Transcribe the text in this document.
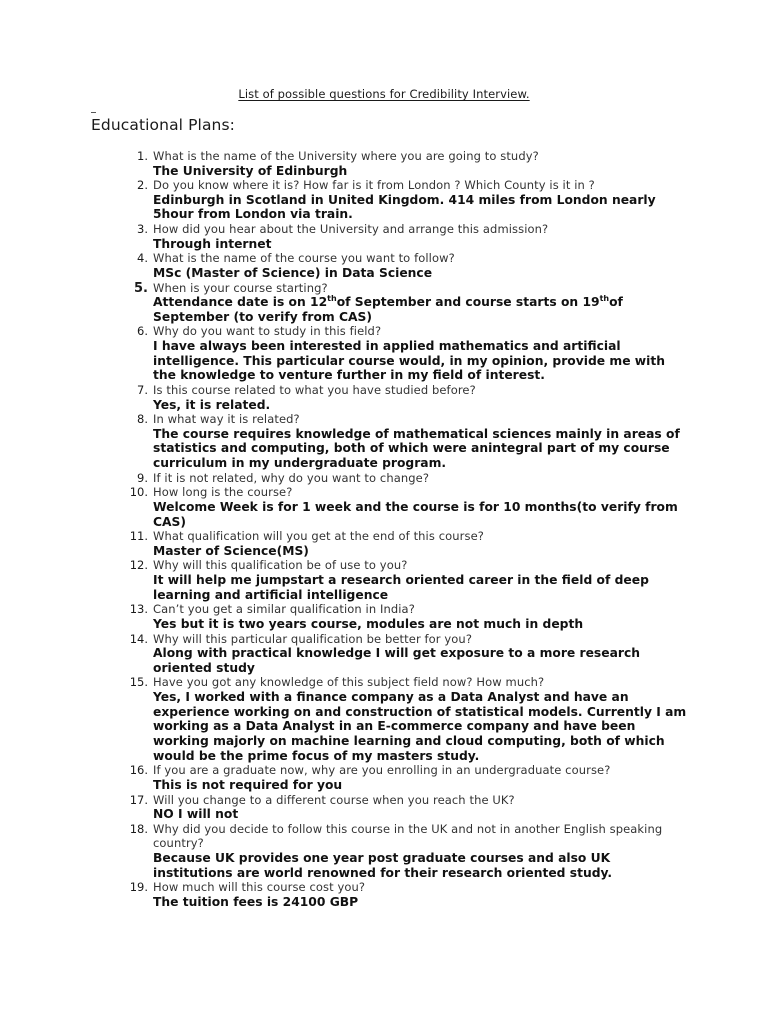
List of possible questions for Credibility Interview.
Educational Plans:
1. What is the name of the University where you are going to study?
The University of Edinburgh
2. Do you know where it is? How far is it from London ? Which County is it in ?
Edinburgh in Scotland in United Kingdom. 414 miles from London nearly 5hour from London via train.
3. How did you hear about the University and arrange this admission?
Through internet
4. What is the name of the course you want to follow?
MSc (Master of Science) in Data Science
5. When is your course starting?
Attendance date is on 12thof September and course starts on 19thof September (to verify from CAS)
6. Why do you want to study in this field?
I have always been interested in applied mathematics and artificial intelligence. This particular course would, in my opinion, provide me with the knowledge to venture further in my field of interest.
7. Is this course related to what you have studied before?
Yes, it is related.
8. In what way it is related?
The course requires knowledge of mathematical sciences mainly in areas of statistics and computing, both of which were anintegral part of my course curriculum in my undergraduate program.
9. If it is not related, why do you want to change?
10. How long is the course?
Welcome Week is for 1 week and the course is for 10 months(to verify from CAS)
11. What qualification will you get at the end of this course?
Master of Science(MS)
12. Why will this qualification be of use to you?
It will help me jumpstart a research oriented career in the field of deep learning and artificial intelligence
13. Can’t you get a similar qualification in India?
Yes but it is two years course, modules are not much in depth
14. Why will this particular qualification be better for you?
Along with practical knowledge I will get exposure to a more research oriented study
15. Have you got any knowledge of this subject field now? How much?
Yes, I worked with a finance company as a Data Analyst and have an experience working on and construction of statistical models. Currently I am working as a Data Analyst in an E-commerce company and have been working majorly on machine learning and cloud computing, both of which would be the prime focus of my masters study.
16. If you are a graduate now, why are you enrolling in an undergraduate course?
This is not required for you
17. Will you change to a different course when you reach the UK?
NO I will not
18. Why did you decide to follow this course in the UK and not in another English speaking country?
Because UK provides one year post graduate courses and also UK institutions are world renowned for their research oriented study.
19. How much will this course cost you?
The tuition fees is 24100 GBP
